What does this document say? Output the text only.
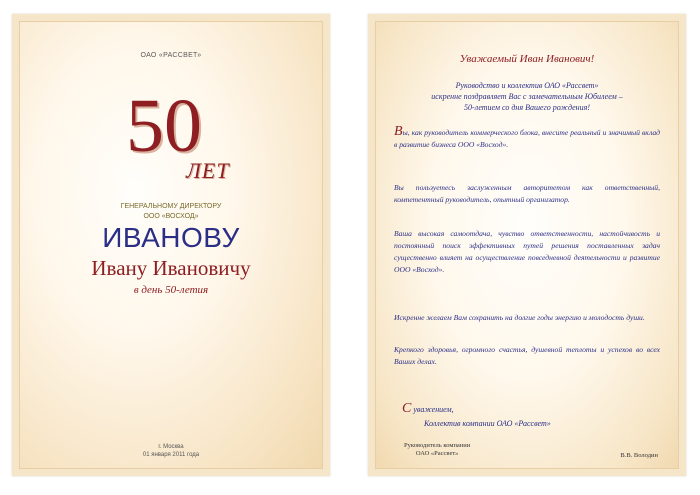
ОАО «РАССВЕТ»
50
ЛЕТ
ГЕНЕРАЛЬНОМУ ДИРЕКТОРУ
ООО «ВОСХОД»
ИВАНОВУ
Ивану Ивановичу
в день 50-летия
г. Москва
01 января 2011 года
Уважаемый Иван Иванович!
Руководство и коллектив ОАО «Рассвет»
искренне поздравляет Вас с замечательным Юбилеем –
50-летием со дня Вашего рождения!
Вы, как руководитель коммерческого блока, внесите реальный и значимый вклад в развитие бизнеса ООО «Восход».
Вы пользуетесь заслуженным авторитетом как ответственный, компетентный руководитель, опытный организатор.
Ваша высокая самоотдача, чувство ответственности, настойчивость и постоянный поиск эффективных путей решения поставленных задач существенно влияет на осуществление повседневной деятельности и развитие ООО «Восход».
Искренне желаем Вам сохранить на долгие годы энергию и молодость души.
Крепкого здоровья, огромного счастья, душевной теплоты и успехов во всех Ваших делах.
С уважением,
Коллектив компании ОАО «Рассвет»
Руководитель компании
ОАО «Рассвет»	В.В. Володин
